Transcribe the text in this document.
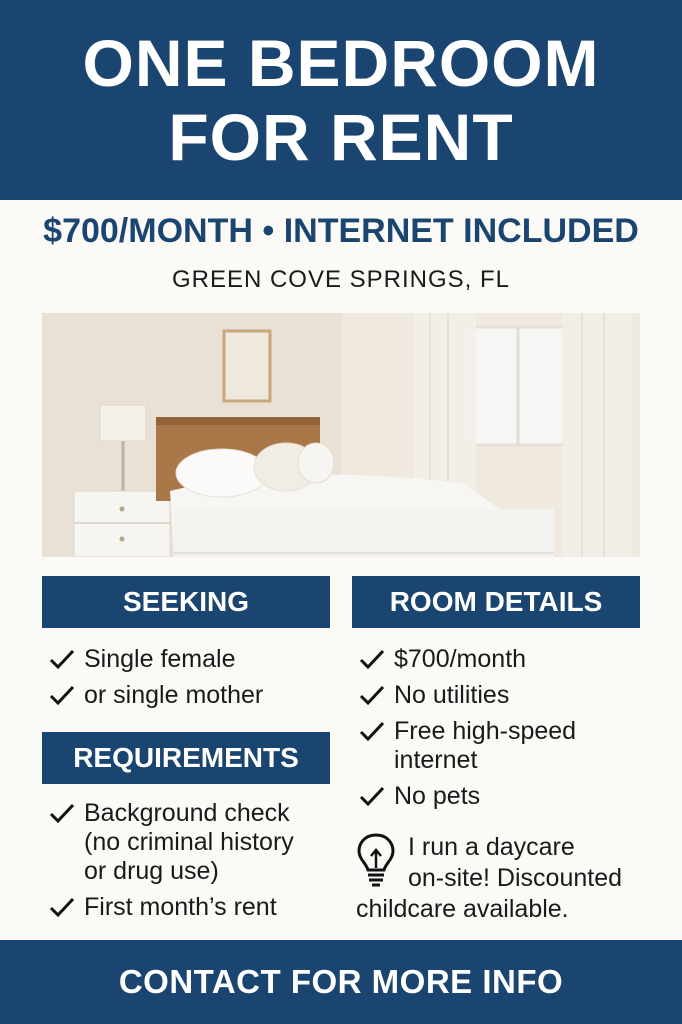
ONE BEDROOM
FOR RENT
$700/MONTH • INTERNET INCLUDED
GREEN COVE SPRINGS, FL
SEEKING
Single female
or single mother
REQUIREMENTS
Background check
(no criminal history
or drug use)
First month’s rent
ROOM DETAILS
$700/month
No utilities
Free high-speed
internet
No pets
I run a daycare
on-site! Discounted
childcare available.
CONTACT FOR MORE INFO
